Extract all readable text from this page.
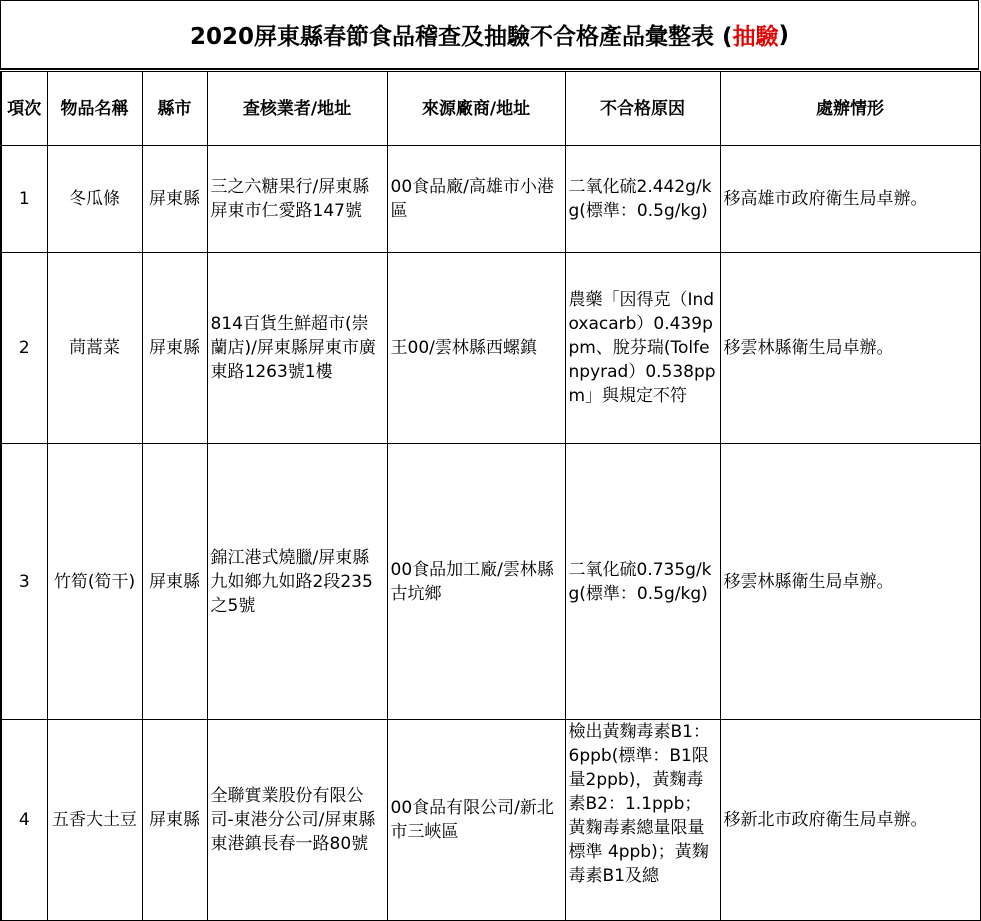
2020屏東縣春節食品稽查及抽驗不合格產品彙整表 ( 抽驗 )
項次	物品名稱	縣市	查核業者/地址	來源廠商/地址	不合格原因	處辦情形
1	冬瓜條	屏東縣	三之六糖果行/屏東縣屏東市仁愛路147號	00食品廠/高雄市小港區	二氧化硫2.442g/kg(標準：0.5g/kg)	移高雄市政府衛生局卓辦。
2	茼蒿菜	屏東縣	814百貨生鮮超市(崇蘭店)/屏東縣屏東市廣東路1263號1樓	王00/雲林縣西螺鎮	農藥「因得克（Indoxacarb）0.439ppm、脫芬瑞(Tolfenpyrad）0.538ppm」與規定不符	移雲林縣衛生局卓辦。
3	竹筍(筍干)	屏東縣	錦江港式燒臘/屏東縣九如鄉九如路2段235之5號	00食品加工廠/雲林縣古坑鄉	二氧化硫0.735g/kg(標準：0.5g/kg)	移雲林縣衛生局卓辦。
4	五香大土豆	屏東縣	全聯實業股份有限公司-東港分公司/屏東縣東港鎮長春一路80號	00食品有限公司/新北市三峽區	檢出黃麴毒素B1：6ppb(標準：B1限量2ppb)，黃麴毒素B2：1.1ppb；黃麴毒素總量限量標準 4ppb)；黃麴毒素B1及總	移新北市政府衛生局卓辦。
